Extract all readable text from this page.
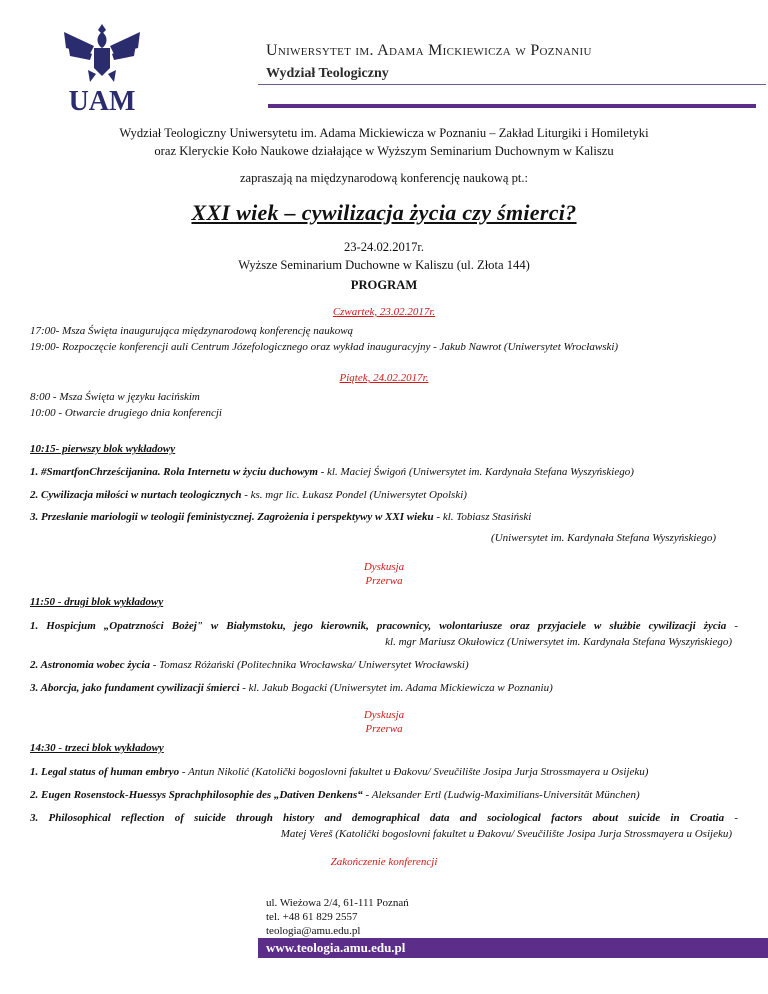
UAM
Uniwersytet im. Adama Mickiewicza w Poznaniu
Wydział Teologiczny
Wydział Teologiczny Uniwersytetu im. Adama Mickiewicza w Poznaniu – Zakład Liturgiki i Homiletyki
oraz Kleryckie Koło Naukowe działające w Wyższym Seminarium Duchownym w Kaliszu
zapraszają na międzynarodową konferencję naukową pt.:
XXI wiek – cywilizacja życia czy śmierci?
23-24.02.2017r.
Wyższe Seminarium Duchowne w Kaliszu (ul. Złota 144)
PROGRAM
Czwartek, 23.02.2017r.
17:00- Msza Święta inaugurująca międzynarodową konferencję naukową
19:00- Rozpoczęcie konferencji auli Centrum Józefologicznego oraz wykład inauguracyjny - Jakub Nawrot (Uniwersytet Wrocławski)
Piątek, 24.02.2017r.
8:00 - Msza Święta w języku łacińskim
10:00 - Otwarcie drugiego dnia konferencji
10:15- pierwszy blok wykładowy
1. #SmartfonChrześcijanina. Rola Internetu w życiu duchowym - kl. Maciej Świgoń (Uniwersytet im. Kardynała Stefana Wyszyńskiego)
2. Cywilizacja miłości w nurtach teologicznych - ks. mgr lic. Łukasz Pondel (Uniwersytet Opolski)
3. Przesłanie mariologii w teologii feministycznej. Zagrożenia i perspektywy w XXI wieku - kl. Tobiasz Stasiński
(Uniwersytet im. Kardynała Stefana Wyszyńskiego)
Dyskusja
Przerwa
11:50 - drugi blok wykładowy
1. Hospicjum „Opatrzności Bożej" w Białymstoku, jego kierownik, pracownicy, wolontariusze oraz przyjaciele w służbie cywilizacji życia -
kl. mgr Mariusz Okułowicz (Uniwersytet im. Kardynała Stefana Wyszyńskiego)
2. Astronomia wobec życia - Tomasz Różański (Politechnika Wrocławska/ Uniwersytet Wrocławski)
3. Aborcja, jako fundament cywilizacji śmierci - kl. Jakub Bogacki (Uniwersytet im. Adama Mickiewicza w Poznaniu)
Dyskusja
Przerwa
14:30 - trzeci blok wykładowy
1. Legal status of human embryo - Antun Nikolić (Katolički bogoslovni fakultet u Đakovu/ Sveučilište Josipa Jurja Strossmayera u Osijeku)
2. Eugen Rosenstock-Huessys Sprachphilosophie des „Dativen Denkens“ - Aleksander Ertl (Ludwig-Maximilians-Universität München)
3. Philosophical reflection of suicide through history and demographical data and sociological factors about suicide in Croatia -
Matej Vereš (Katolički bogoslovni fakultet u Đakovu/ Sveučilište Josipa Jurja Strossmayera u Osijeku)
Zakończenie konferencji
ul. Wieżowa 2/4, 61-111 Poznań
tel. +48 61 829 2557
teologia@amu.edu.pl
www.teologia.amu.edu.pl
